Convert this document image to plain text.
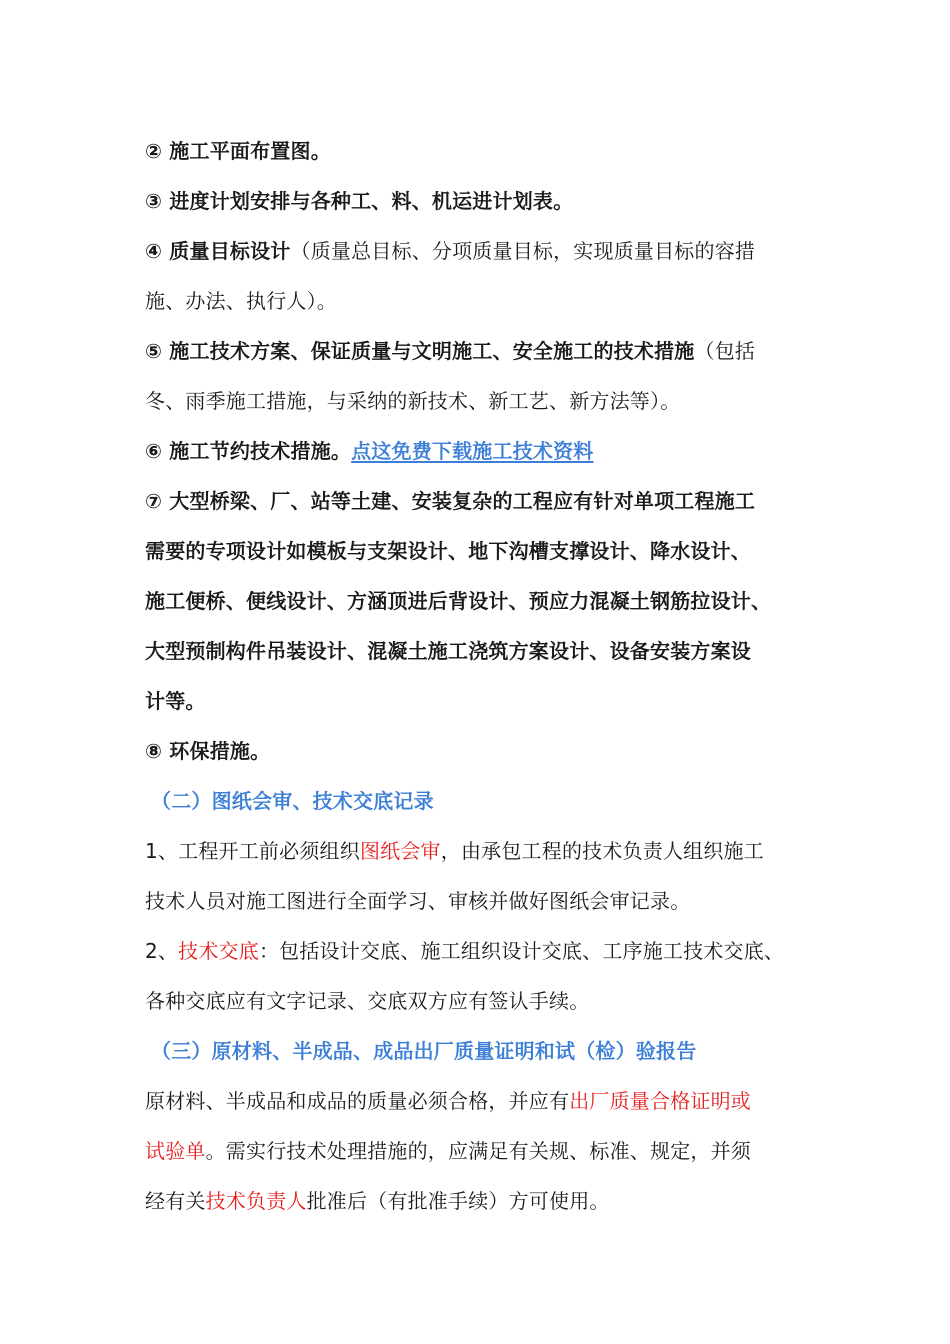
② 施工平面布置图。
③ 进度计划安排与各种工、料、机运进计划表。
④ 质量目标设计（质量总目标、分项质量目标，实现质量目标的容措
施、办法、执行人）。
⑤ 施工技术方案、保证质量与文明施工、安全施工的技术措施（包括
冬、雨季施工措施，与采纳的新技术、新工艺、新方法等）。
⑥ 施工节约技术措施。点这免费下载施工技术资料
⑦ 大型桥梁、厂、站等土建、安装复杂的工程应有针对单项工程施工
需要的专项设计如模板与支架设计、地下沟槽支撑设计、降水设计、
施工便桥、便线设计、方涵顶进后背设计、预应力混凝土钢筋拉设计、
大型预制构件吊装设计、混凝土施工浇筑方案设计、设备安装方案设
计等。
⑧ 环保措施。
（二）图纸会审、技术交底记录
1、工程开工前必须组织图纸会审，由承包工程的技术负责人组织施工
技术人员对施工图进行全面学习、审核并做好图纸会审记录。
2、技术交底：包括设计交底、施工组织设计交底、工序施工技术交底、
各种交底应有文字记录、交底双方应有签认手续。
（三）原材料、半成品、成品出厂质量证明和试（检）验报告
原材料、半成品和成品的质量必须合格，并应有出厂质量合格证明或
试验单。需实行技术处理措施的，应满足有关规、标准、规定，并须
经有关技术负责人批准后（有批准手续）方可使用。
